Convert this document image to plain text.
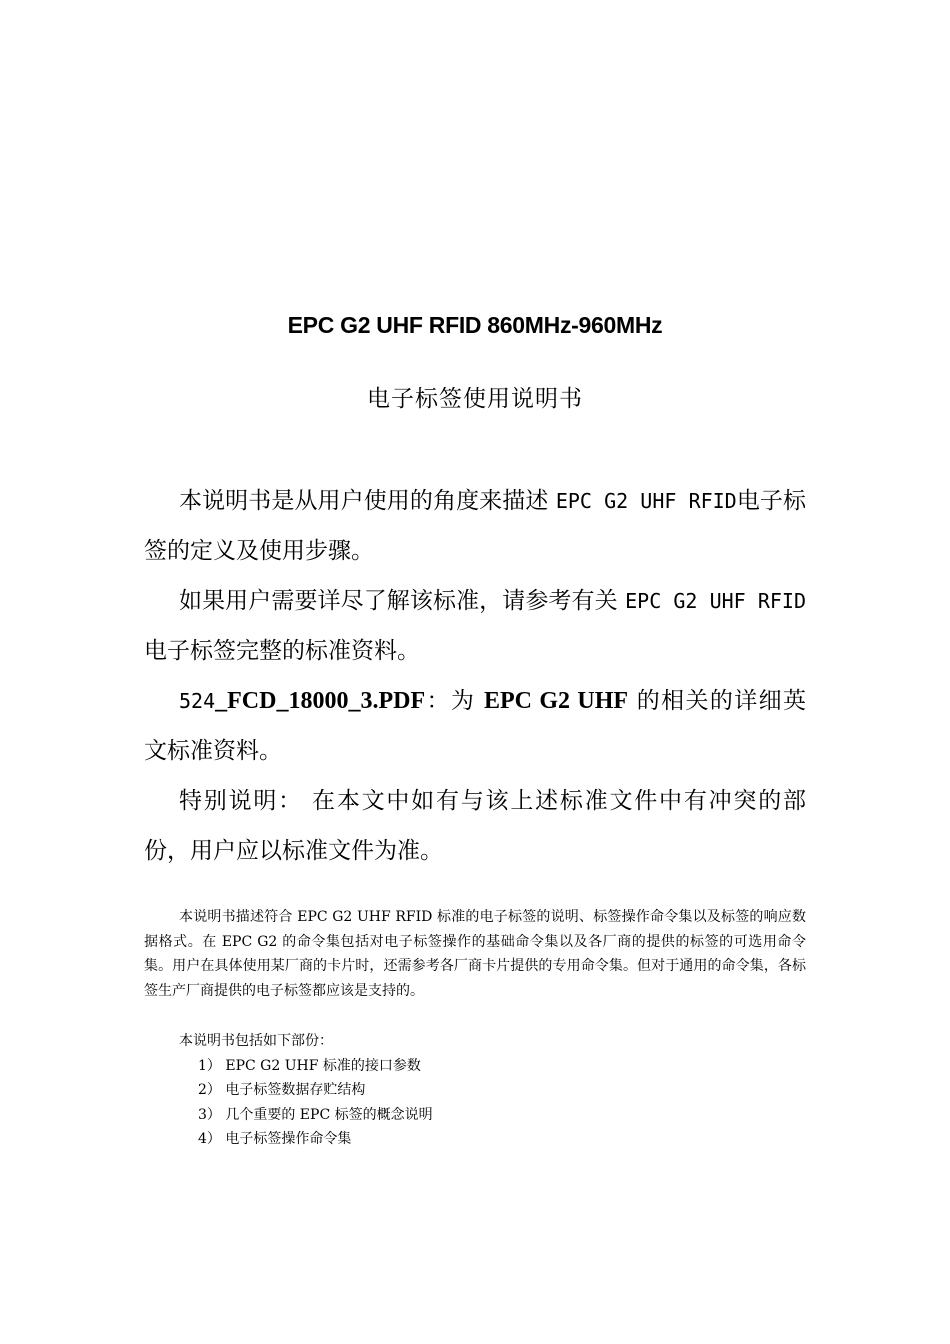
EPC G2 UHF RFID 860MHz-960MHz
电子标签使用说明书

本说明书是从用户使用的角度来描述 EPC G2 UHF RFID电子标签的定义及使用步骤。

如果用户需要详尽了解该标准，请参考有关 EPC G2 UHF RFID 电子标签完整的标准资料。

524_FCD_18000_3.PDF：为 EPC G2 UHF 的相关的详细英文标准资料。

特别说明： 在本文中如有与该上述标准文件中有冲突的部份，用户应以标准文件为准。

本说明书描述符合 EPC G2 UHF RFID 标准的电子标签的说明、标签操作命令集以及标签的响应数据格式。在 EPC G2 的命令集包括对电子标签操作的基础命令集以及各厂商的提供的标签的可选用命令集。用户在具体使用某厂商的卡片时，还需参考各厂商卡片提供的专用命令集。但对于通用的命令集，各标签生产厂商提供的电子标签都应该是支持的。

本说明书包括如下部份：

1） EPC G2 UHF 标准的接口参数
2） 电子标签数据存贮结构
3） 几个重要的 EPC 标签的概念说明
4） 电子标签操作命令集
